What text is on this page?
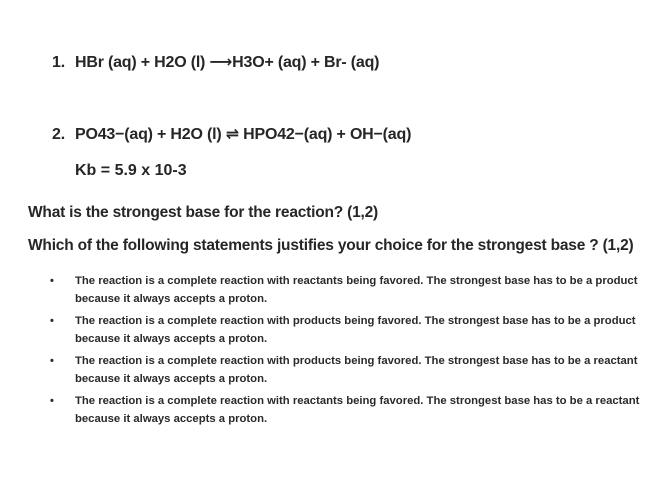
1. HBr (aq) + H2O (l) ⟶H3O+ (aq) + Br- (aq)
2. PO43−(aq) + H2O (l) ⇌ HPO42−(aq) + OH−(aq)
Kb = 5.9 x 10-3
What is the strongest base for the reaction? (1,2)
Which of the following statements justifies your choice for the strongest base ? (1,2)
• The reaction is a complete reaction with reactants being favored. The strongest base has to be a product because it always accepts a proton.
• The reaction is a complete reaction with products being favored. The strongest base has to be a product because it always accepts a proton.
• The reaction is a complete reaction with products being favored. The strongest base has to be a reactant because it always accepts a proton.
• The reaction is a complete reaction with reactants being favored. The strongest base has to be a reactant because it always accepts a proton.
